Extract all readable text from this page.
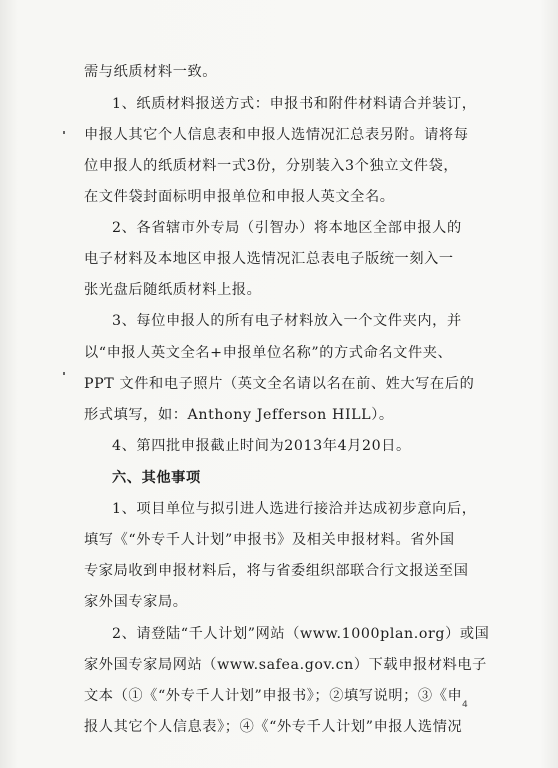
需与纸质材料一致。
1、纸质材料报送方式：申报书和附件材料请合并装订，
申报人其它个人信息表和申报人选情况汇总表另附。请将每
位申报人的纸质材料一式3份，分别装入3个独立文件袋，
在文件袋封面标明申报单位和申报人英文全名。
2、各省辖市外专局（引智办）将本地区全部申报人的
电子材料及本地区申报人选情况汇总表电子版统一刻入一
张光盘后随纸质材料上报。
3、每位申报人的所有电子材料放入一个文件夹内，并
以“申报人英文全名+申报单位名称”的方式命名文件夹、
PPT 文件和电子照片（英文全名请以名在前、姓大写在后的
形式填写，如：Anthony Jefferson HILL）。
4、第四批申报截止时间为2013年4月20日。
六、其他事项
1、项目单位与拟引进人选进行接洽并达成初步意向后，
填写《“外专千人计划”申报书》及相关申报材料。省外国
专家局收到申报材料后，将与省委组织部联合行文报送至国
家外国专家局。
2、请登陆“千人计划”网站（www.1000plan.org）或国
家外国专家局网站（www.safea.gov.cn）下载申报材料电子
文本（①《“外专千人计划”申报书》；②填写说明；③《申
报人其它个人信息表》；④《“外专千人计划”申报人选情况
4
